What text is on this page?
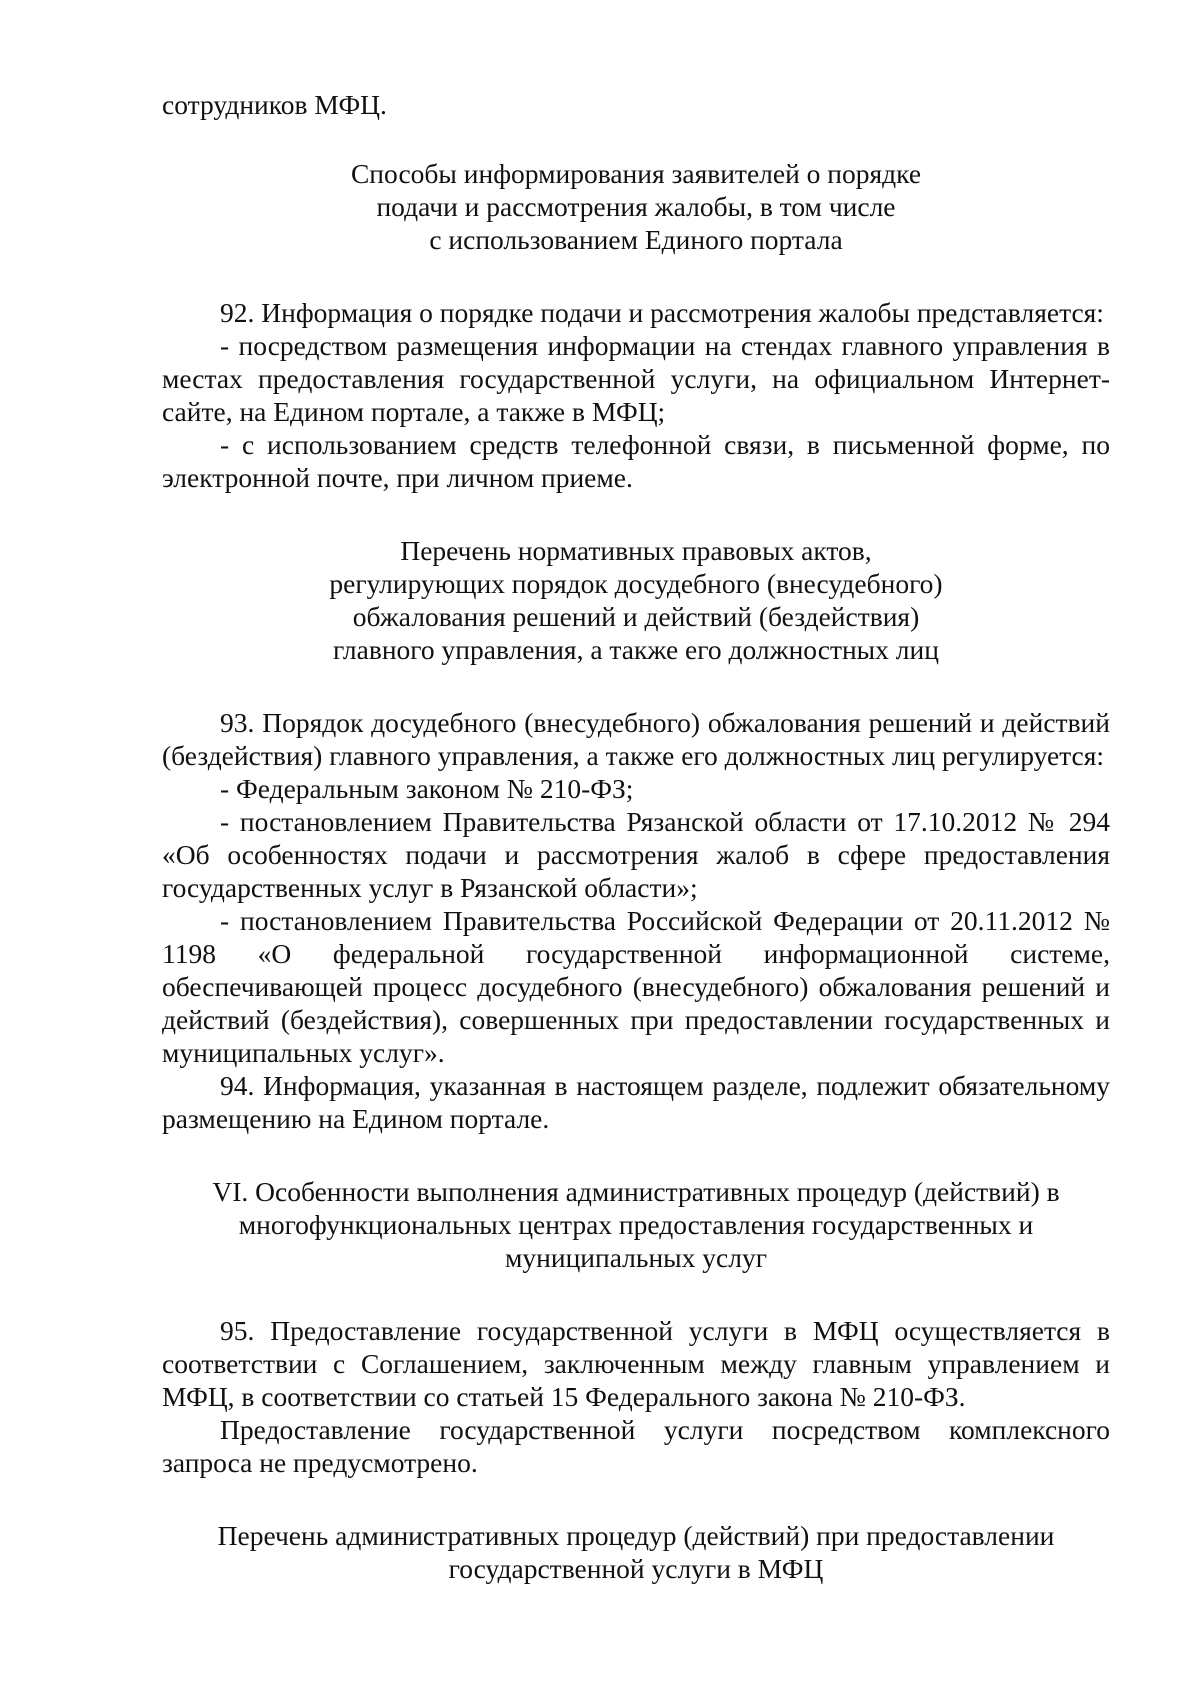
сотрудников МФЦ.

Способы информирования заявителей о порядке
подачи и рассмотрения жалобы, в том числе
с использованием Единого портала

92. Информация о порядке подачи и рассмотрения жалобы представляется:

- посредством размещения информации на стендах главного управления в местах предоставления государственной услуги, на официальном Интернет-сайте, на Едином портале, а также в МФЦ;

- с использованием средств телефонной связи, в письменной форме, по электронной почте, при личном приеме.

Перечень нормативных правовых актов,
регулирующих порядок досудебного (внесудебного)
обжалования решений и действий (бездействия)
главного управления, а также его должностных лиц

93. Порядок досудебного (внесудебного) обжалования решений и действий (бездействия) главного управления, а также его должностных лиц регулируется:

- Федеральным законом № 210-ФЗ;

- постановлением Правительства Рязанской области от 17.10.2012 № 294 «Об особенностях подачи и рассмотрения жалоб в сфере предоставления государственных услуг в Рязанской области»;

- постановлением Правительства Российской Федерации от 20.11.2012 № 1198 «О федеральной государственной информационной системе, обеспечивающей процесс досудебного (внесудебного) обжалования решений и действий (бездействия), совершенных при предоставлении государственных и муниципальных услуг».

94. Информация, указанная в настоящем разделе, подлежит обязательному размещению на Едином портале.

VI. Особенности выполнения административных процедур (действий) в
многофункциональных центрах предоставления государственных и
муниципальных услуг

95. Предоставление государственной услуги в МФЦ осуществляется в соответствии с Соглашением, заключенным между главным управлением и МФЦ, в соответствии со статьей 15 Федерального закона № 210-ФЗ.

Предоставление государственной услуги посредством комплексного запроса не предусмотрено.

Перечень административных процедур (действий) при предоставлении
государственной услуги в МФЦ
